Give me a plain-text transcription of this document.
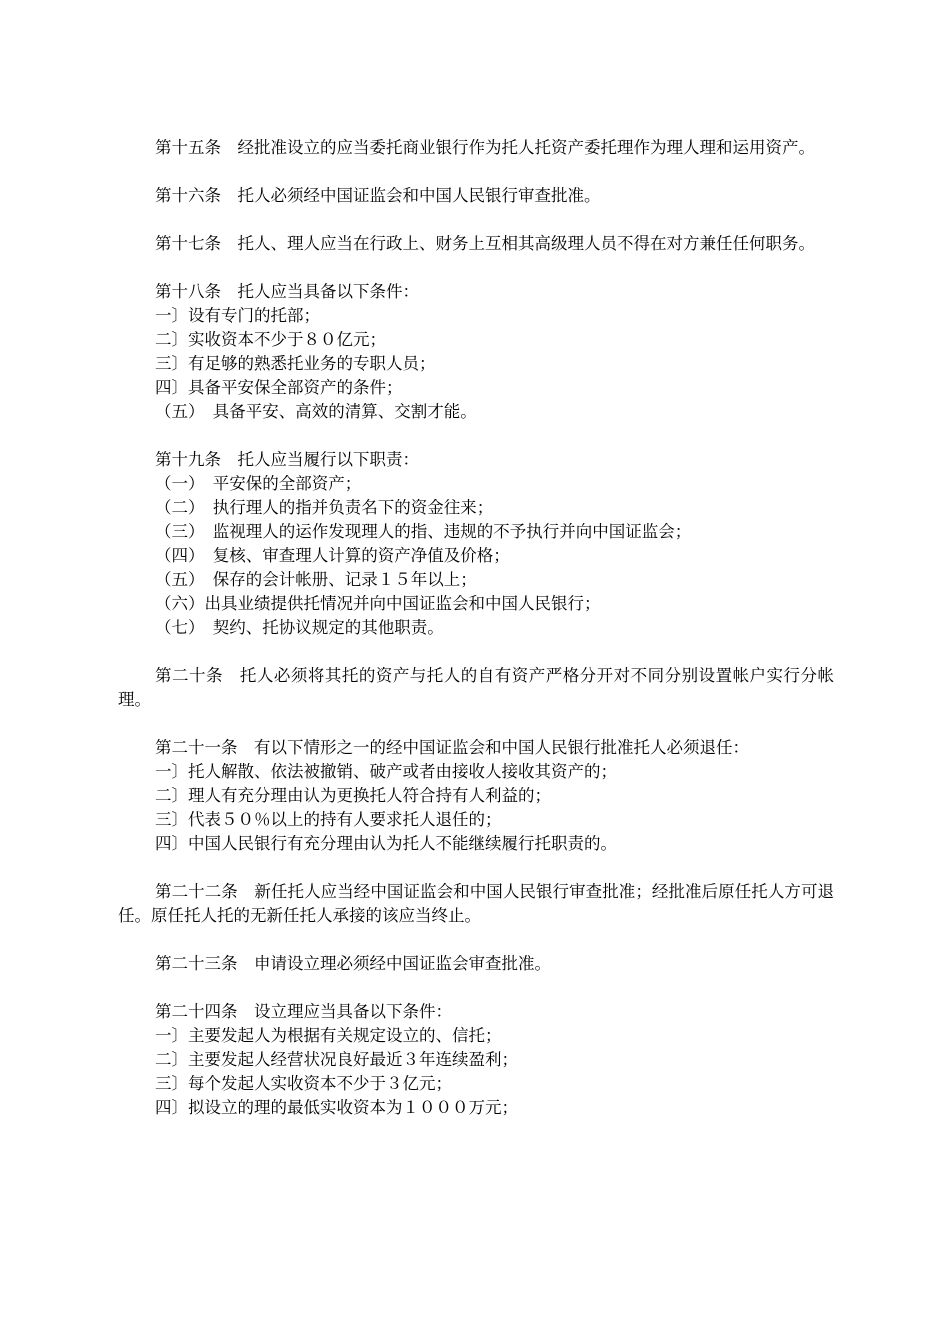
第十五条　经批准设立的应当委托商业银行作为托人托资产委托理作为理人理和运用资产。

第十六条　托人必须经中国证监会和中国人民银行审查批准。

第十七条　托人、理人应当在行政上、财务上互相其高级理人员不得在对方兼任任何职务。

第十八条　托人应当具备以下条件：

一〕设有专门的托部；
二〕实收资本不少于８０亿元；
三〕有足够的熟悉托业务的专职人员；
四〕具备平安保全部资产的条件；
（五）　具备平安、高效的清算、交割才能。

第十九条　托人应当履行以下职责：

（一）　平安保的全部资产；
（二）　执行理人的指并负责名下的资金往来；
（三）　监视理人的运作发现理人的指、违规的不予执行并向中国证监会；
（四）　复核、审查理人计算的资产净值及价格；
（五）　保存的会计帐册、记录１５年以上；
（六）出具业绩提供托情况并向中国证监会和中国人民银行；
（七）　契约、托协议规定的其他职责。

第二十条　托人必须将其托的资产与托人的自有资产严格分开对不同分别设置帐户实行分帐理。

第二十一条　有以下情形之一的经中国证监会和中国人民银行批准托人必须退任：

一〕托人解散、依法被撤销、破产或者由接收人接收其资产的；
二〕理人有充分理由认为更换托人符合持有人利益的；
三〕代表５０％以上的持有人要求托人退任的；
四〕中国人民银行有充分理由认为托人不能继续履行托职责的。

第二十二条　新任托人应当经中国证监会和中国人民银行审查批准；经批准后原任托人方可退任。原任托人托的无新任托人承接的该应当终止。

第二十三条　申请设立理必须经中国证监会审查批准。

第二十四条　设立理应当具备以下条件：

一〕主要发起人为根据有关规定设立的、信托；
二〕主要发起人经营状况良好最近３年连续盈利；
三〕每个发起人实收资本不少于３亿元；
四〕拟设立的理的最低实收资本为１０００万元；
